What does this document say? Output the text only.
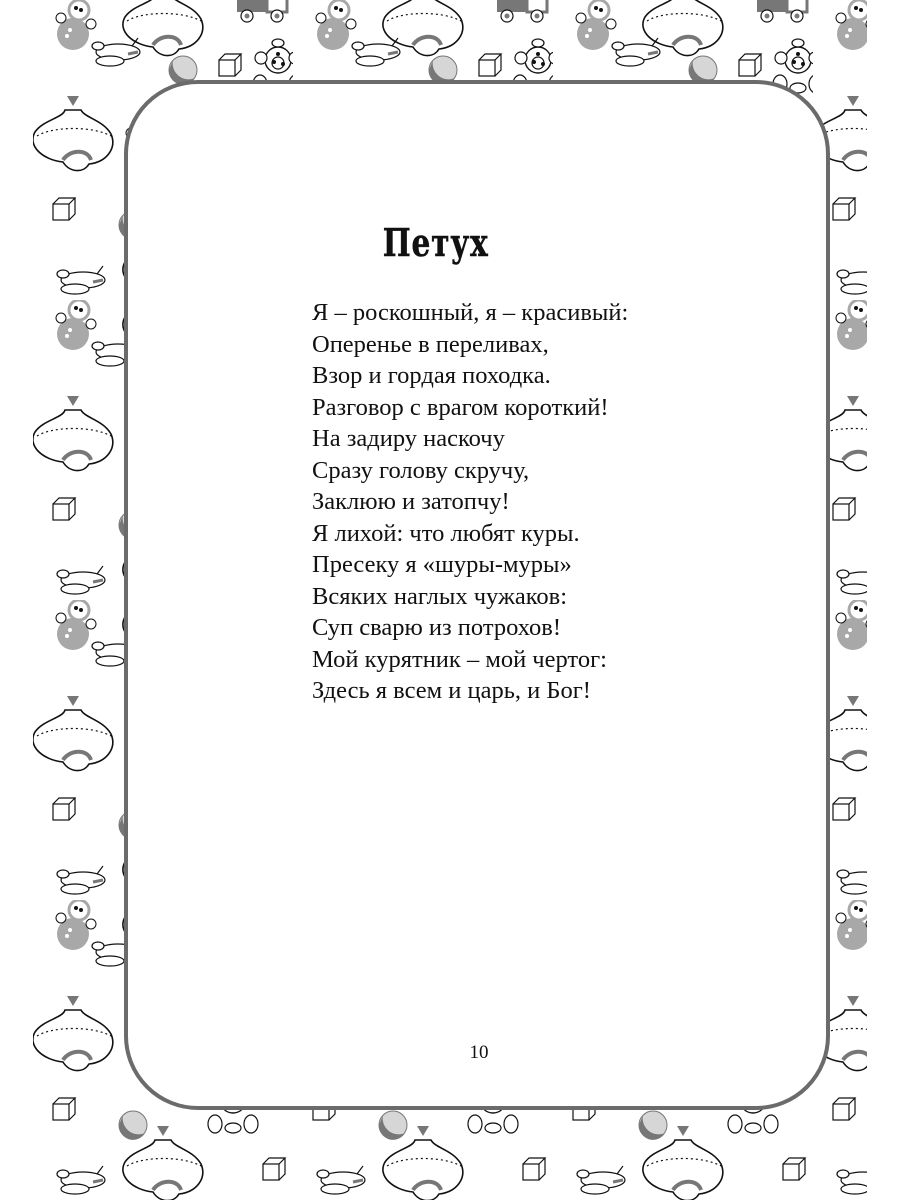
Петух
Я – роскошный, я – красивый:
Оперенье в переливах,
Взор и гордая походка.
Разговор с врагом короткий!
На задиру наскочу
Сразу голову скручу,
Заклюю и затопчу!
Я лихой: что любят куры.
Пресеку я «шуры-муры»
Всяких наглых чужаков:
Суп сварю из потрохов!
Мой курятник – мой чертог:
Здесь я всем и царь, и Бог!
10
